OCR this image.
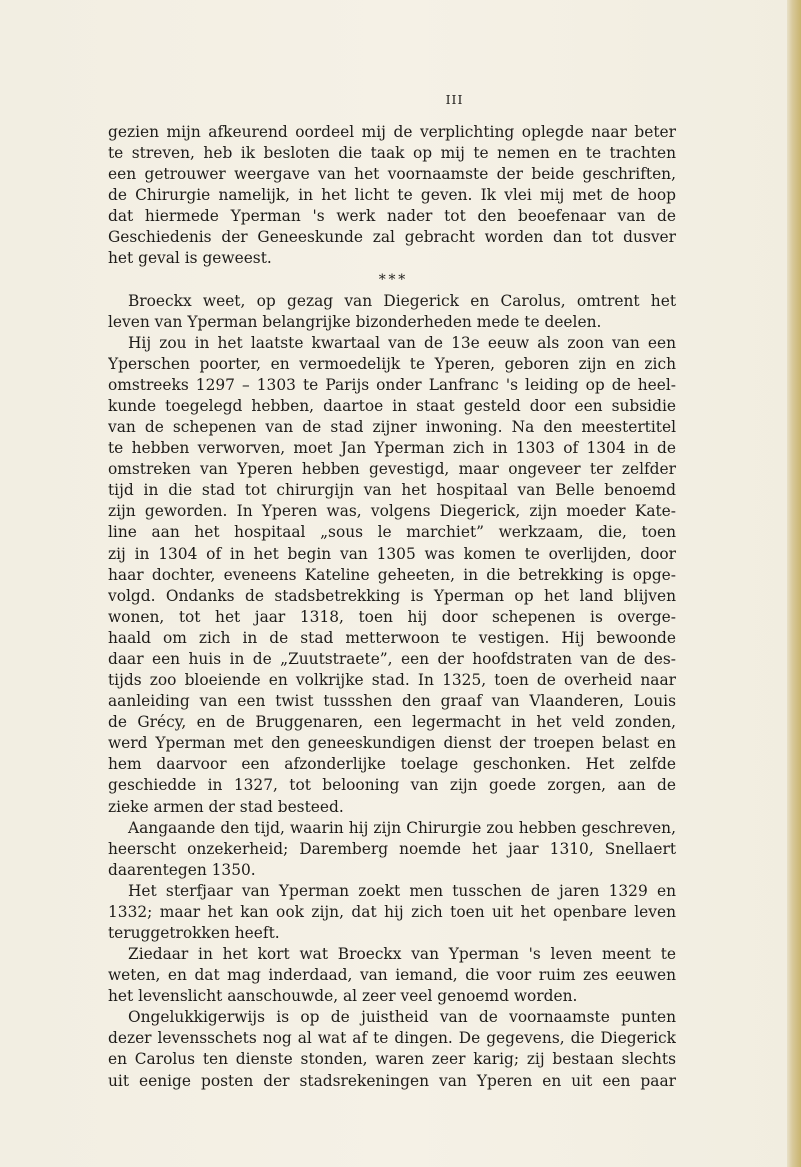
III
gezien mijn afkeurend oordeel mij de verplichting oplegde naar beter
te streven, heb ik besloten die taak op mij te nemen en te trachten
een getrouwer weergave van het voornaamste der beide geschriften,
de Chirurgie namelijk, in het licht te geven. Ik vlei mij met de hoop
dat hiermede Yperman 's werk nader tot den beoefenaar van de
Geschiedenis der Geneeskunde zal gebracht worden dan tot dusver
het geval is geweest.
* * *
Broeckx weet, op gezag van Diegerick en Carolus, omtrent het
leven van Yperman belangrijke bizonderheden mede te deelen.
Hij zou in het laatste kwartaal van de 13e eeuw als zoon van een
Yperschen poorter, en vermoedelijk te Yperen, geboren zijn en zich
omstreeks 1297 – 1303 te Parijs onder Lanfranc 's leiding op de heel-
kunde toegelegd hebben, daartoe in staat gesteld door een subsidie
van de schepenen van de stad zijner inwoning. Na den meestertitel
te hebben verworven, moet Jan Yperman zich in 1303 of 1304 in de
omstreken van Yperen hebben gevestigd, maar ongeveer ter zelfder
tijd in die stad tot chirurgijn van het hospitaal van Belle benoemd
zijn geworden. In Yperen was, volgens Diegerick, zijn moeder Kate-
line aan het hospitaal „sous le marchiet” werkzaam, die, toen
zij in 1304 of in het begin van 1305 was komen te overlijden, door
haar dochter, eveneens Kateline geheeten, in die betrekking is opge-
volgd. Ondanks de stadsbetrekking is Yperman op het land blijven
wonen, tot het jaar 1318, toen hij door schepenen is overge-
haald om zich in de stad metterwoon te vestigen. Hij bewoonde
daar een huis in de „Zuutstraete”, een der hoofdstraten van de des-
tijds zoo bloeiende en volkrijke stad. In 1325, toen de overheid naar
aanleiding van een twist tussshen den graaf van Vlaanderen, Louis
de Grécy, en de Bruggenaren, een legermacht in het veld zonden,
werd Yperman met den geneeskundigen dienst der troepen belast en
hem daarvoor een afzonderlijke toelage geschonken. Het zelfde
geschiedde in 1327, tot belooning van zijn goede zorgen, aan de
zieke armen der stad besteed.
Aangaande den tijd, waarin hij zijn Chirurgie zou hebben geschreven,
heerscht onzekerheid; Daremberg noemde het jaar 1310, Snellaert
daarentegen 1350.
Het sterfjaar van Yperman zoekt men tusschen de jaren 1329 en
1332; maar het kan ook zijn, dat hij zich toen uit het openbare leven
teruggetrokken heeft.
Ziedaar in het kort wat Broeckx van Yperman 's leven meent te
weten, en dat mag inderdaad, van iemand, die voor ruim zes eeuwen
het levenslicht aanschouwde, al zeer veel genoemd worden.
Ongelukkigerwijs is op de juistheid van de voornaamste punten
dezer levensschets nog al wat af te dingen. De gegevens, die Diegerick
en Carolus ten dienste stonden, waren zeer karig; zij bestaan slechts
uit eenige posten der stadsrekeningen van Yperen en uit een paar
